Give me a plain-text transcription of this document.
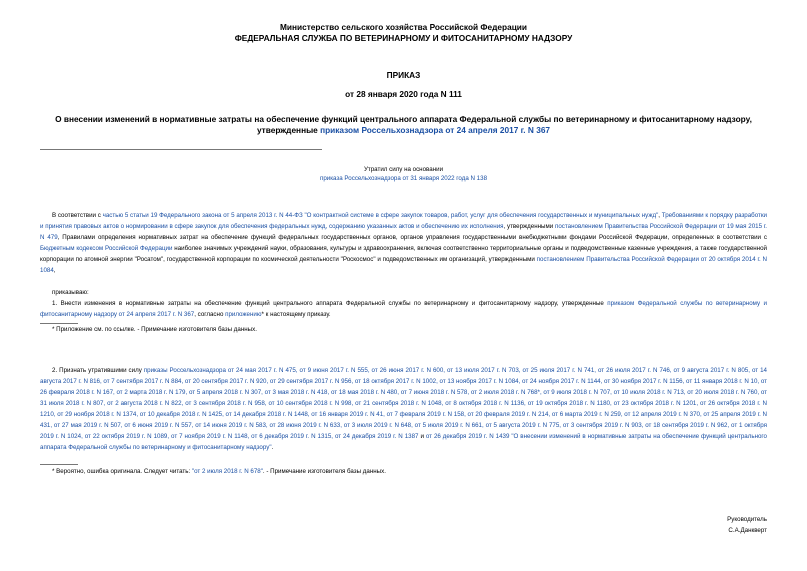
Министерство сельского хозяйства Российской Федерации
ФЕДЕРАЛЬНАЯ СЛУЖБА ПО ВЕТЕРИНАРНОМУ И ФИТОСАНИТАРНОМУ НАДЗОРУ
ПРИКАЗ
от 28 января 2020 года N 111
О внесении изменений в нормативные затраты на обеспечение функций центрального аппарата Федеральной службы по ветеринарному и фитосанитарному надзору, утвержденные приказом Россельхознадзора от 24 апреля 2017 г. N 367
Утратил силу на основании
приказа Россельхознадзора от 31 января 2022 года N 138

В соответствии с частью 5 статьи 19 Федерального закона от 5 апреля 2013 г. N 44-ФЗ "О контрактной системе в сфере закупок товаров, работ, услуг для обеспечения государственных и муниципальных нужд", Требованиями к порядку разработки и принятия правовых актов о нормировании в сфере закупок для обеспечения федеральных нужд, содержанию указанных актов и обеспечению их исполнения, утвержденными постановлением Правительства Российской Федерации от 19 мая 2015 г. N 479, Правилами определения нормативных затрат на обеспечение функций федеральных государственных органов, органов управления государственными внебюджетными фондами Российской Федерации, определенных в соответствии с Бюджетным кодексом Российской Федерации наиболее значимых учреждений науки, образования, культуры и здравоохранения, включая соответственно территориальные органы и подведомственные казенные учреждения, а также государственной корпорации по атомной энергии "Росатом", государственной корпорации по космической деятельности "Роскосмос" и подведомственных им организаций, утвержденными постановлением Правительства Российской Федерации от 20 октября 2014 г. N 1084,

приказываю:

1. Внести изменения в нормативные затраты на обеспечение функций центрального аппарата Федеральной службы по ветеринарному и фитосанитарному надзору, утвержденные приказом Федеральной службы по ветеринарному и фитосанитарному надзору от 24 апреля 2017 г. N 367, согласно приложению* к настоящему приказу.

* Приложение см. по ссылке. - Примечание изготовителя базы данных.

2. Признать утратившими силу приказы Россельхознадзора от 24 мая 2017 г. N 475, от 9 июня 2017 г. N 555, от 26 июня 2017 г. N 600, от 13 июля 2017 г. N 703, от 25 июля 2017 г. N 741, от 26 июля 2017 г. N 746, от 9 августа 2017 г. N 805, от 14 августа 2017 г. N 816, от 7 сентября 2017 г. N 884, от 20 сентября 2017 г. N 920, от 29 сентября 2017 г. N 956, от 18 октября 2017 г. N 1002, от 13 ноября 2017 г. N 1084, от 24 ноября 2017 г. N 1144, от 30 ноября 2017 г. N 1156, от 11 января 2018 г. N 10, от 26 февраля 2018 г. N 167, от 2 марта 2018 г. N 179, от 5 апреля 2018 г. N 307, от 3 мая 2018 г. N 418, от 18 мая 2018 г. N 480, от 7 июня 2018 г. N 578, от 2 июля 2018 г. N 768*, от 9 июля 2018 г. N 707, от 10 июля 2018 г. N 713, от 20 июля 2018 г. N 760, от 31 июля 2018 г. N 807, от 2 августа 2018 г. N 822, от 3 сентября 2018 г. N 958, от 10 сентября 2018 г. N 998, от 21 сентября 2018 г. N 1048, от 8 октября 2018 г. N 1136, от 19 октября 2018 г. N 1180, от 23 октября 2018 г. N 1201, от 26 октября 2018 г. N 1210, от 29 ноября 2018 г. N 1374, от 10 декабря 2018 г. N 1425, от 14 декабря 2018 г. N 1448, от 16 января 2019 г. N 41, от 7 февраля 2019 г. N 158, от 20 февраля 2019 г. N 214, от 6 марта 2019 г. N 259, от 12 апреля 2019 г. N 370, от 25 апреля 2019 г. N 431, от 27 мая 2019 г. N 507, от 6 июня 2019 г. N 557, от 14 июня 2019 г. N 583, от 28 июня 2019 г. N 633, от 3 июля 2019 г. N 648, от 5 июля 2019 г. N 661, от 5 августа 2019 г. N 775, от 3 сентября 2019 г. N 903, от 18 сентября 2019 г. N 962, от 1 октября 2019 г. N 1024, от 22 октября 2019 г. N 1089, от 7 ноября 2019 г. N 1148, от 6 декабря 2019 г. N 1315, от 24 декабря 2019 г. N 1387 и от 26 декабря 2019 г. N 1439 "О внесении изменений в нормативные затраты на обеспечение функций центрального аппарата Федеральной службы по ветеринарному и фитосанитарному надзору".

* Вероятно, ошибка оригинала. Следует читать: "от 2 июля 2018 г. N 678". - Примечание изготовителя базы данных.

Руководитель
С.А.Данкверт
